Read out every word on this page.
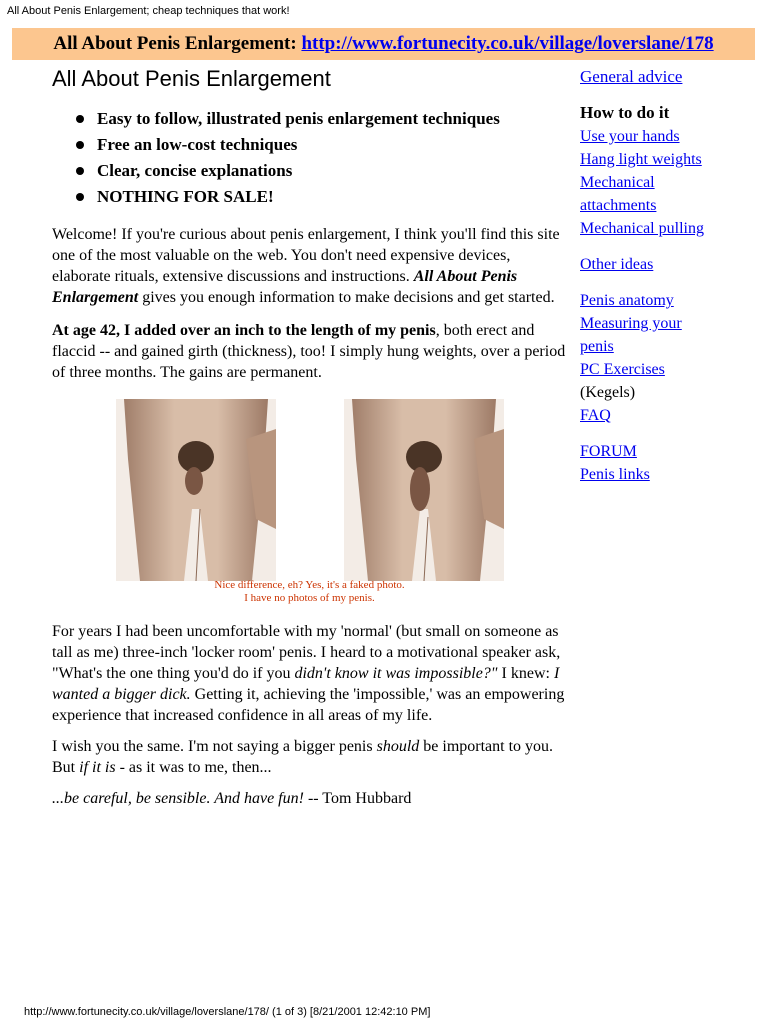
All About Penis Enlargement; cheap techniques that work!
All About Penis Enlargement: http://www.fortunecity.co.uk/village/loverslane/178
All About Penis Enlargement
Easy to follow, illustrated penis enlargement techniques
Free an low-cost techniques
Clear, concise explanations
NOTHING FOR SALE!

Welcome! If you're curious about penis enlargement, I think you'll find this site one of the most valuable on the web. You don't need expensive devices, elaborate rituals, extensive discussions and instructions. All About Penis Enlargement gives you enough information to make decisions and get started.

At age 42, I added over an inch to the length of my penis, both erect and flaccid -- and gained girth (thickness), too! I simply hung weights, over a period of three months. The gains are permanent.

Nice difference, eh? Yes, it's a faked photo.
I have no photos of my penis.

For years I had been uncomfortable with my 'normal' (but small on someone as tall as me) three-inch 'locker room' penis. I heard to a motivational speaker ask, "What's the one thing you'd do if you didn't know it was impossible?" I knew: I wanted a bigger dick. Getting it, achieving the 'impossible,' was an empowering experience that increased confidence in all areas of my life.

I wish you the same. I'm not saying a bigger penis should be important to you. But if it is - as it was to me, then...

...be careful, be sensible. And have fun! -- Tom Hubbard

General advice
How to do it
Use your hands
Hang light weights
Mechanical
attachments
Mechanical pulling
Other ideas
Penis anatomy
Measuring your
penis
PC Exercises
(Kegels)
FAQ
FORUM
Penis links
http://www.fortunecity.co.uk/village/loverslane/178/ (1 of 3) [8/21/2001 12:42:10 PM]
